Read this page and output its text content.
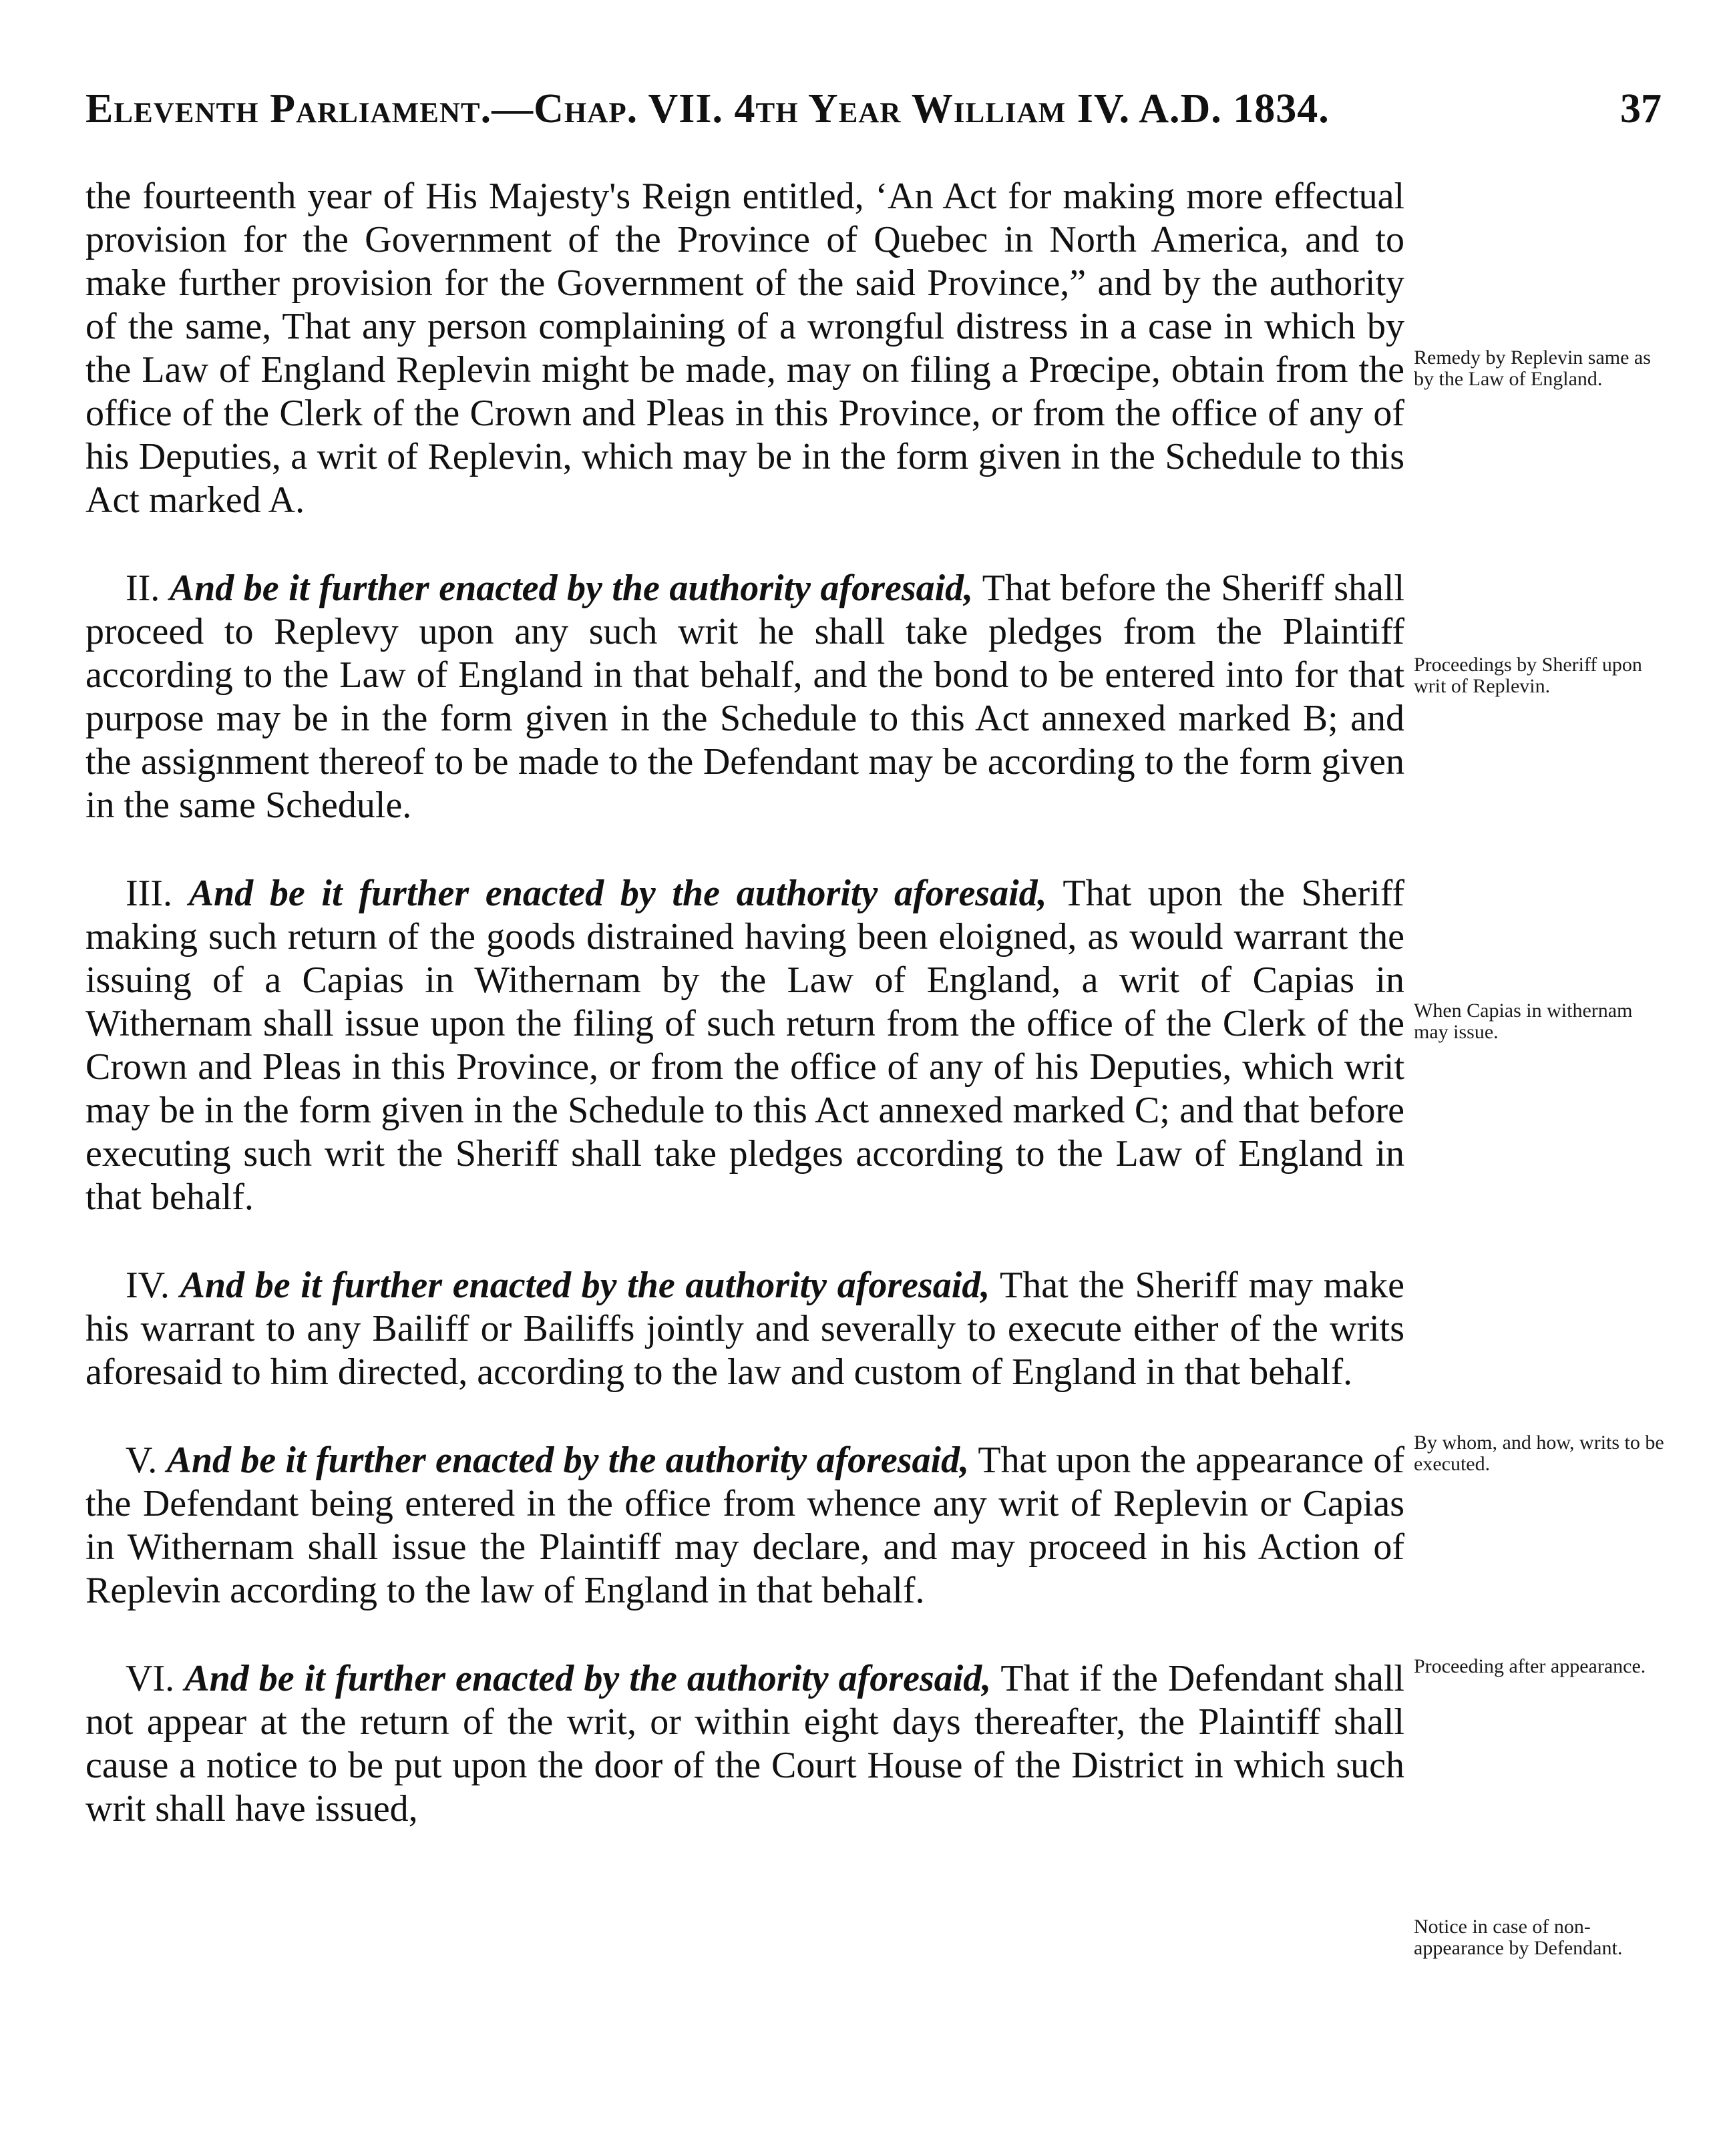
Eleventh Parliament.—Chap. VII. 4th Year William IV. A.D. 1834.	37

the fourteenth year of His Majesty's Reign entitled, ‘An Act for making more effectual provision for the Government of the Province of Quebec in North America, and to make further provision for the Government of the said Province,” and by the authority of the same, That any person complaining of a wrongful distress in a case in which by the Law of England Replevin might be made, may on filing a Prœcipe, obtain from the office of the Clerk of the Crown and Pleas in this Province, or from the office of any of his Deputies, a writ of Replevin, which may be in the form given in the Schedule to this Act marked A.

II. And be it further enacted by the authority aforesaid, That before the Sheriff shall proceed to Replevy upon any such writ he shall take pledges from the Plaintiff according to the Law of England in that behalf, and the bond to be entered into for that purpose may be in the form given in the Schedule to this Act annexed marked B; and the assignment thereof to be made to the Defendant may be according to the form given in the same Schedule.

III. And be it further enacted by the authority aforesaid, That upon the Sheriff making such return of the goods distrained having been eloigned, as would warrant the issuing of a Capias in Withernam by the Law of England, a writ of Capias in Withernam shall issue upon the filing of such return from the office of the Clerk of the Crown and Pleas in this Province, or from the office of any of his Deputies, which writ may be in the form given in the Schedule to this Act annexed marked C; and that before executing such writ the Sheriff shall take pledges according to the Law of England in that behalf.

IV. And be it further enacted by the authority aforesaid, That the Sheriff may make his warrant to any Bailiff or Bailiffs jointly and severally to execute either of the writs aforesaid to him directed, according to the law and custom of England in that behalf.

V. And be it further enacted by the authority aforesaid, That upon the appearance of the Defendant being entered in the office from whence any writ of Replevin or Capias in Withernam shall issue the Plaintiff may declare, and may proceed in his Action of Replevin according to the law of England in that behalf.

VI. And be it further enacted by the authority aforesaid, That if the Defendant shall not appear at the return of the writ, or within eight days thereafter, the Plaintiff shall cause a notice to be put upon the door of the Court House of the District in which such writ shall have issued,

Remedy by Replevin same as by the Law of England.
Proceedings by Sheriff upon writ of Replevin.
When Capias in withernam may issue.
By whom, and how, writs to be executed.
Proceeding after appearance.
Notice in case of non-appearance by Defendant.
